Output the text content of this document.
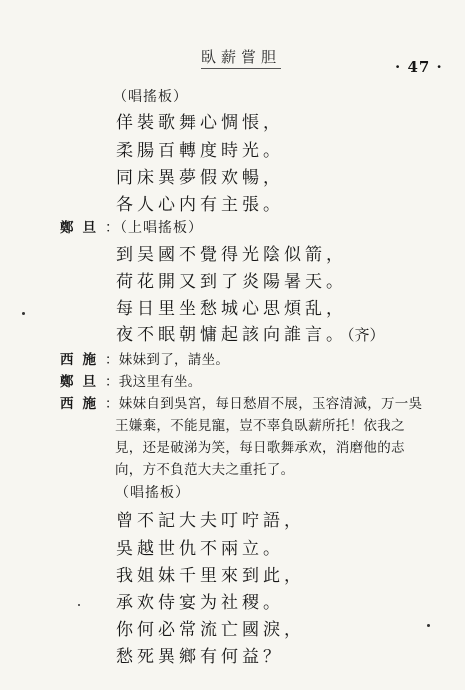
臥薪嘗胆
· 47 ·
（唱搖板）
佯裝歌舞心惆悵，
柔腸百轉度時光。
同床異夢假欢暢，
各人心内有主張。
鄭旦：（上唱搖板）
到吴國不覺得光陰似箭，
荷花開又到了炎陽暑天。
每日里坐愁城心思煩乱，
夜不眠朝慵起該向誰言。（齐）
西施：妹妹到了，請坐。
鄭旦：我这里有坐。
西施：妹妹自到吳宮，每日愁眉不展，玉容清減，万一吳
王嫌棄，不能見寵，豈不辜負臥薪所托！依我之
見，还是破涕为笑，每日歌舞承欢，消磨他的志
向，方不負范大夫之重托了。
（唱搖板）
曾不記大夫叮咛語，
吳越世仇不兩立。
我姐妹千里來到此，
承欢侍宴为社稷。
你何必常流亡國淚，
愁死異鄉有何益？
